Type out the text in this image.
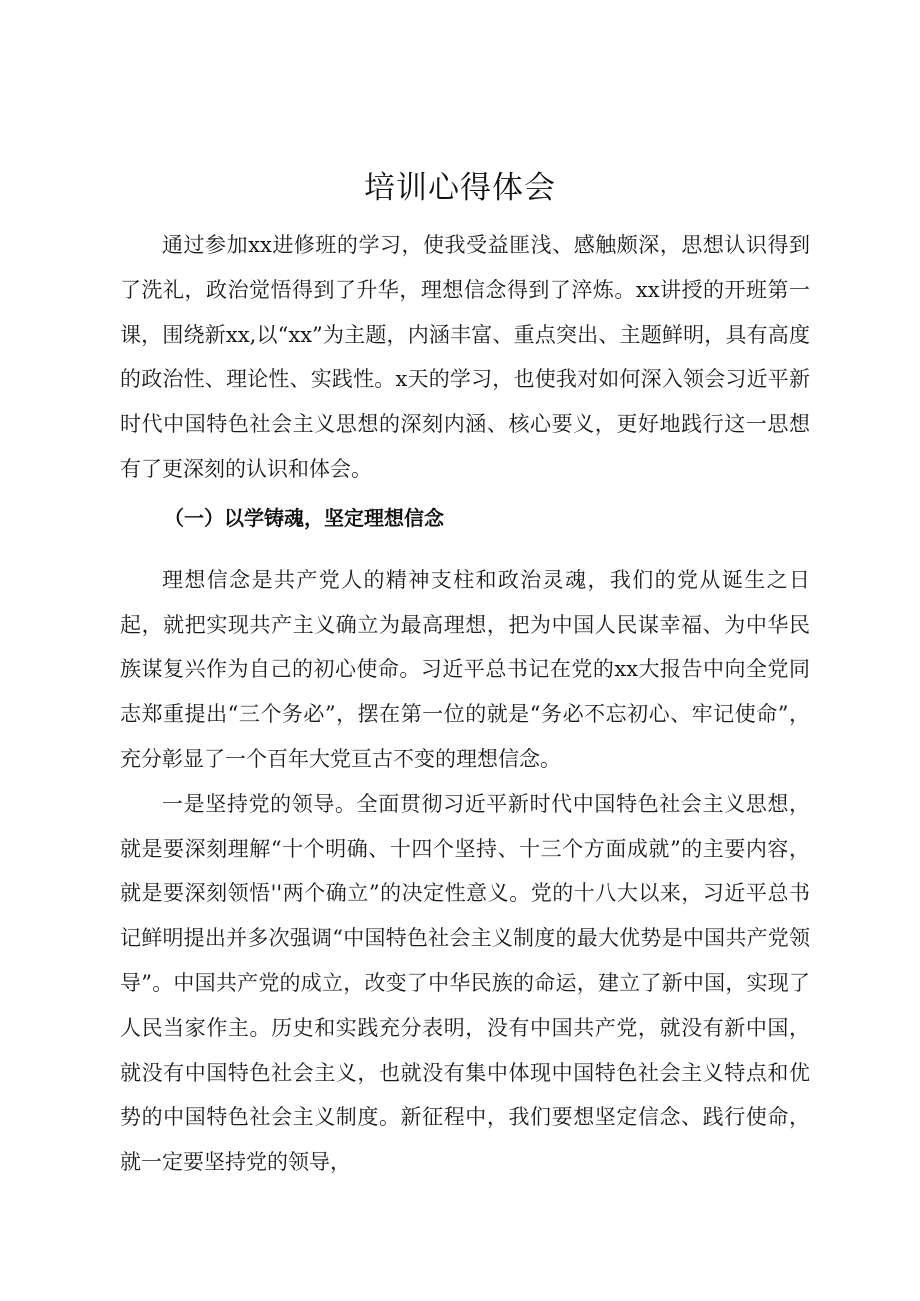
培训心得体会

通过参加xx进修班的学习，使我受益匪浅、感触颇深，思想认识得到了洗礼，政治觉悟得到了升华，理想信念得到了淬炼。xx讲授的开班第一课，围绕新xx,以“xx”为主题，内涵丰富、重点突出、主题鲜明，具有高度的政治性、理论性、实践性。x天的学习，也使我对如何深入领会习近平新时代中国特色社会主义思想的深刻内涵、核心要义，更好地践行这一思想有了更深刻的认识和体会。

（一）以学铸魂，坚定理想信念

理想信念是共产党人的精神支柱和政治灵魂，我们的党从诞生之日起，就把实现共产主义确立为最高理想，把为中国人民谋幸福、为中华民族谋复兴作为自己的初心使命。习近平总书记在党的xx大报告中向全党同志郑重提出“三个务必”，摆在第一位的就是“务必不忘初心、牢记使命”，充分彰显了一个百年大党亘古不变的理想信念。

一是坚持党的领导。全面贯彻习近平新时代中国特色社会主义思想，就是要深刻理解“十个明确、十四个坚持、十三个方面成就”的主要内容，就是要深刻领悟''两个确立”的决定性意义。党的十八大以来，习近平总书记鲜明提出并多次强调“中国特色社会主义制度的最大优势是中国共产党领导”。中国共产党的成立，改变了中华民族的命运，建立了新中国，实现了人民当家作主。历史和实践充分表明，没有中国共产党，就没有新中国，就没有中国特色社会主义，也就没有集中体现中国特色社会主义特点和优势的中国特色社会主义制度。新征程中，我们要想坚定信念、践行使命，就一定要坚持党的领导，
